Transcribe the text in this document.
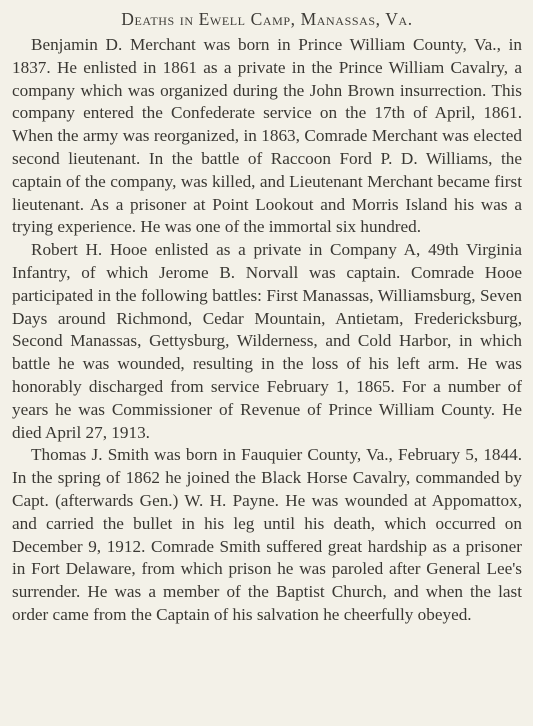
Deaths in Ewell Camp, Manassas, Va.

Benjamin D. Merchant was born in Prince William County, Va., in 1837. He enlisted in 1861 as a private in the Prince William Cavalry, a company which was organized during the John Brown insurrection. This company entered the Confederate service on the 17th of April, 1861. When the army was reorganized, in 1863, Comrade Merchant was elected second lieutenant. In the battle of Raccoon Ford P. D. Williams, the captain of the company, was killed, and Lieutenant Merchant became first lieutenant. As a prisoner at Point Lookout and Morris Island his was a trying experience. He was one of the immortal six hundred.

Robert H. Hooe enlisted as a private in Company A, 49th Virginia Infantry, of which Jerome B. Norvall was captain. Comrade Hooe participated in the following battles: First Manassas, Williamsburg, Seven Days around Richmond, Cedar Mountain, Antietam, Fredericksburg, Second Manassas, Gettysburg, Wilderness, and Cold Harbor, in which battle he was wounded, resulting in the loss of his left arm. He was honorably discharged from service February 1, 1865. For a number of years he was Commissioner of Revenue of Prince William County. He died April 27, 1913.

Thomas J. Smith was born in Fauquier County, Va., February 5, 1844. In the spring of 1862 he joined the Black Horse Cavalry, commanded by Capt. (afterwards Gen.) W. H. Payne. He was wounded at Appomattox, and carried the bullet in his leg until his death, which occurred on December 9, 1912. Comrade Smith suffered great hardship as a prisoner in Fort Delaware, from which prison he was paroled after General Lee's surrender. He was a member of the Baptist Church, and when the last order came from the Captain of his salvation he cheerfully obeyed.
